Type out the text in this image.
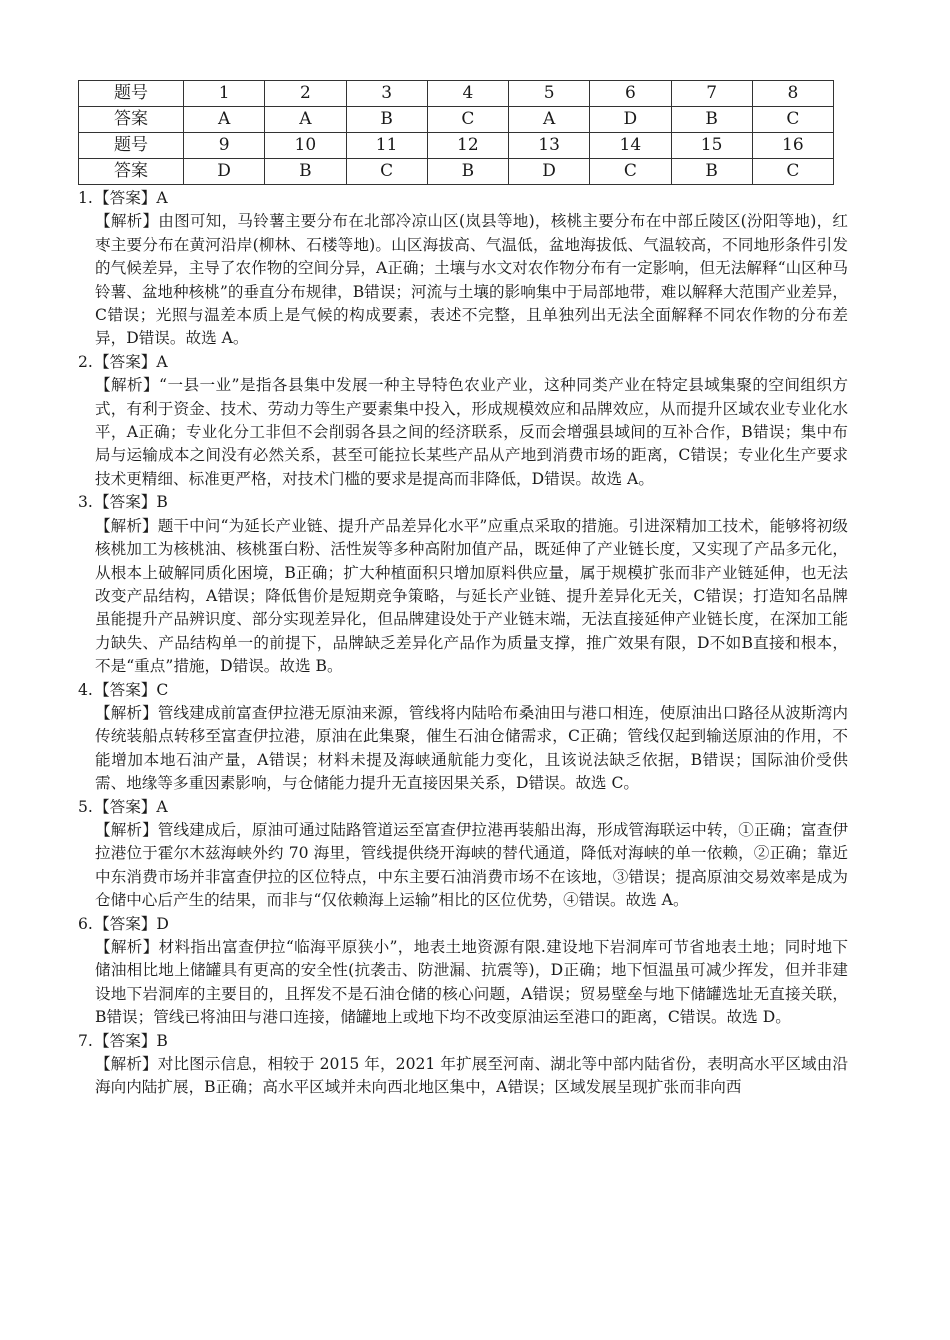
题号	1	2	3	4	5	6	7	8
答案	A	A	B	C	A	D	B	C
题号	9	10	11	12	13	14	15	16
答案	D	B	C	B	D	C	B	C

1.【答案】A

【解析】由图可知，马铃薯主要分布在北部冷凉山区(岚县等地)，核桃主要分布在中部丘陵区(汾阳等地)，红枣主要分布在黄河沿岸(柳林、石楼等地)。山区海拔高、气温低，盆地海拔低、气温较高，不同地形条件引发的气候差异，主导了农作物的空间分异，A正确；土壤与水文对农作物分布有一定影响，但无法解释“山区种马铃薯、盆地种核桃”的垂直分布规律，B错误；河流与土壤的影响集中于局部地带，难以解释大范围产业差异，C错误；光照与温差本质上是气候的构成要素，表述不完整，且单独列出无法全面解释不同农作物的分布差异，D错误。故选 A。

2.【答案】A

【解析】“一县一业”是指各县集中发展一种主导特色农业产业，这种同类产业在特定县域集聚的空间组织方式，有利于资金、技术、劳动力等生产要素集中投入，形成规模效应和品牌效应，从而提升区域农业专业化水平，A正确；专业化分工非但不会削弱各县之间的经济联系，反而会增强县域间的互补合作，B错误；集中布局与运输成本之间没有必然关系，甚至可能拉长某些产品从产地到消费市场的距离，C错误；专业化生产要求技术更精细、标准更严格，对技术门槛的要求是提高而非降低，D错误。故选 A。

3.【答案】B

【解析】题干中问“为延长产业链、提升产品差异化水平”应重点采取的措施。引进深精加工技术，能够将初级核桃加工为核桃油、核桃蛋白粉、活性炭等多种高附加值产品，既延伸了产业链长度，又实现了产品多元化，从根本上破解同质化困境，B正确；扩大种植面积只增加原料供应量，属于规模扩张而非产业链延伸，也无法改变产品结构，A错误；降低售价是短期竞争策略，与延长产业链、提升差异化无关，C错误；打造知名品牌虽能提升产品辨识度、部分实现差异化，但品牌建设处于产业链末端，无法直接延伸产业链长度，在深加工能力缺失、产品结构单一的前提下，品牌缺乏差异化产品作为质量支撑，推广效果有限，D不如B直接和根本，不是“重点”措施，D错误。故选 B。

4.【答案】C

【解析】管线建成前富查伊拉港无原油来源，管线将内陆哈布桑油田与港口相连，使原油出口路径从波斯湾内传统装船点转移至富查伊拉港，原油在此集聚，催生石油仓储需求，C正确；管线仅起到输送原油的作用，不能增加本地石油产量，A错误；材料未提及海峡通航能力变化，且该说法缺乏依据，B错误；国际油价受供需、地缘等多重因素影响，与仓储能力提升无直接因果关系，D错误。故选 C。

5.【答案】A

【解析】管线建成后，原油可通过陆路管道运至富查伊拉港再装船出海，形成管海联运中转，①正确；富查伊拉港位于霍尔木兹海峡外约 70 海里，管线提供绕开海峡的替代通道，降低对海峡的单一依赖，②正确；靠近中东消费市场并非富查伊拉的区位特点，中东主要石油消费市场不在该地，③错误；提高原油交易效率是成为仓储中心后产生的结果，而非与“仅依赖海上运输”相比的区位优势，④错误。故选 A。

6.【答案】D

【解析】材料指出富查伊拉“临海平原狭小”，地表土地资源有限.建设地下岩洞库可节省地表土地；同时地下储油相比地上储罐具有更高的安全性(抗袭击、防泄漏、抗震等)，D正确；地下恒温虽可减少挥发，但并非建设地下岩洞库的主要目的，且挥发不是石油仓储的核心问题，A错误；贸易壁垒与地下储罐选址无直接关联，B错误；管线已将油田与港口连接，储罐地上或地下均不改变原油运至港口的距离，C错误。故选 D。

7.【答案】B

【解析】对比图示信息，相较于 2015 年，2021 年扩展至河南、湖北等中部内陆省份，表明高水平区域由沿海向内陆扩展，B正确；高水平区域并未向西北地区集中，A错误；区域发展呈现扩张而非向西
